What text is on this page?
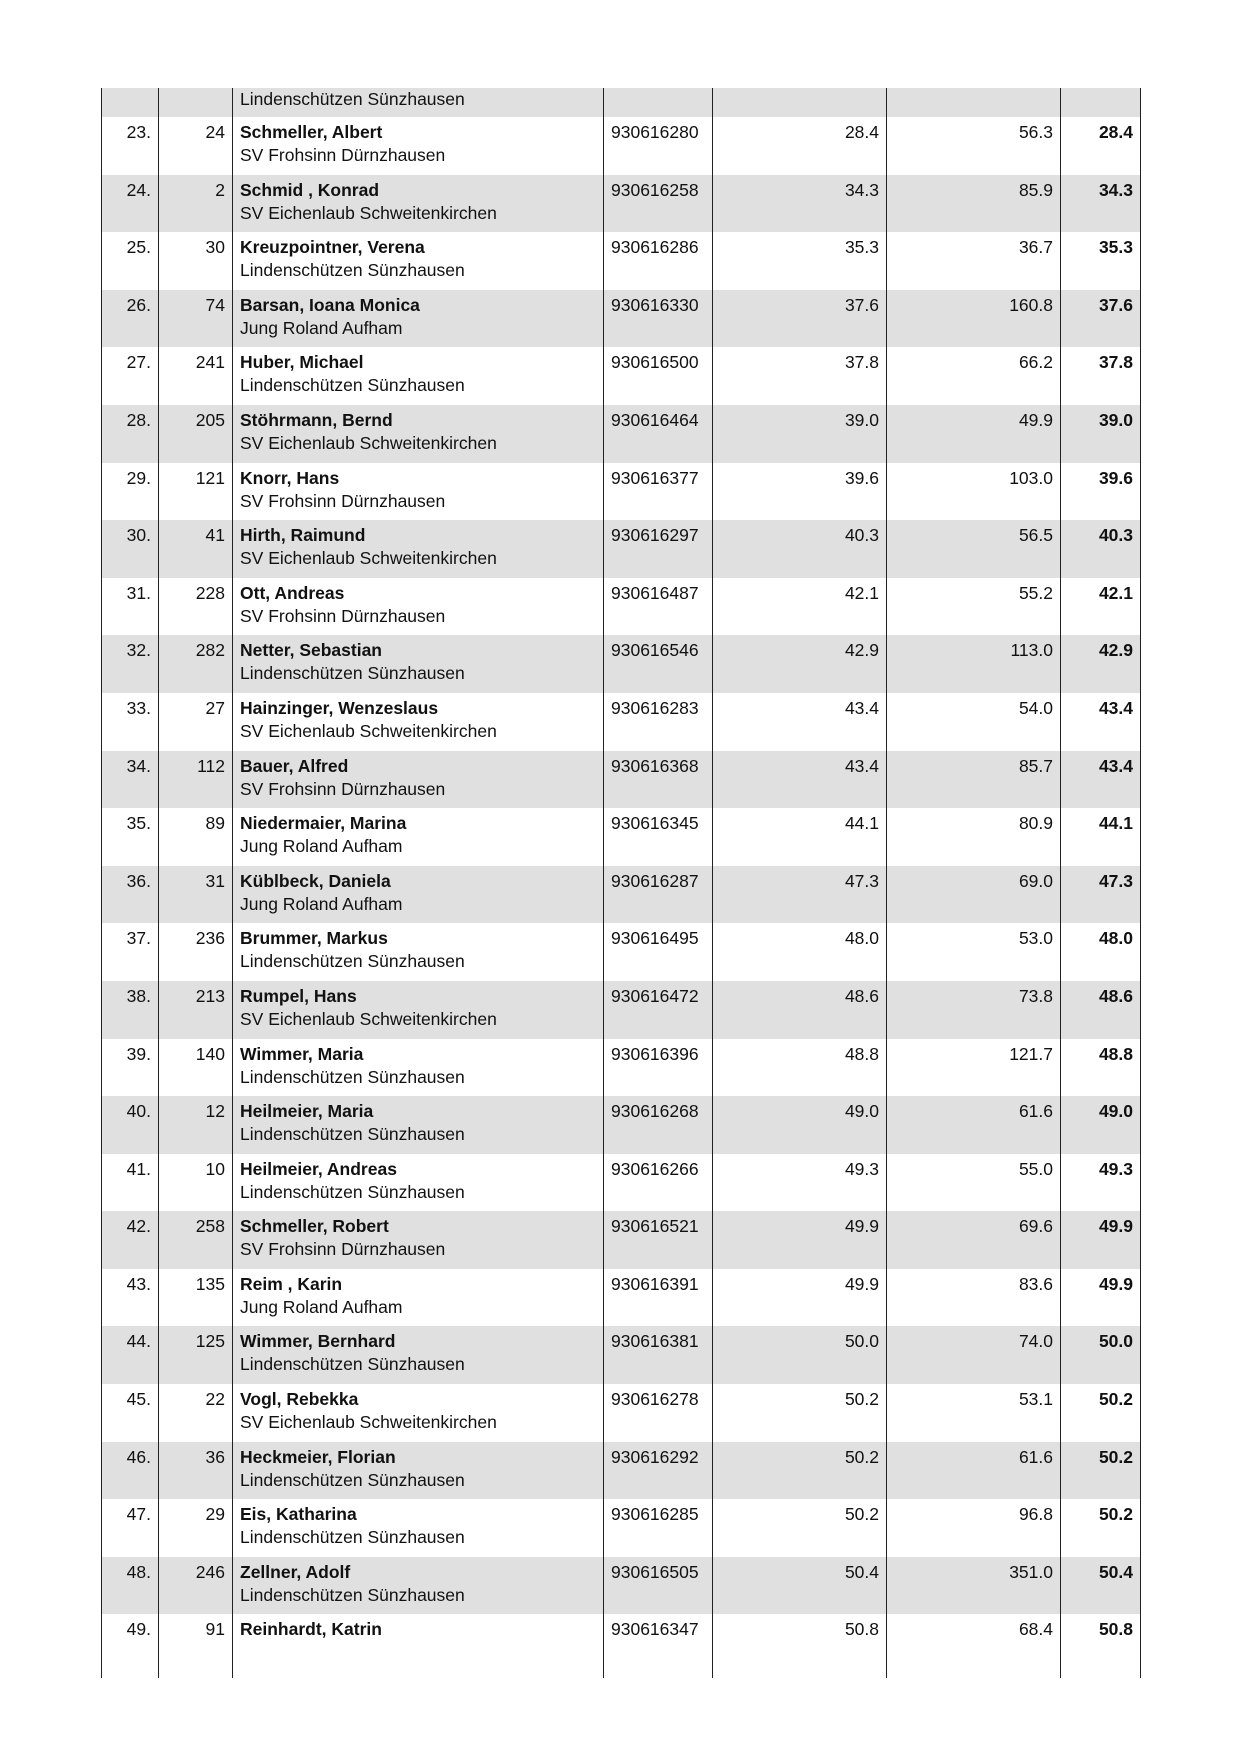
		Lindenschützen Sünzhausen				

23.	24	Schmeller, Albert
SV Frohsinn Dürnzhausen	930616280	28.4	56.3	28.4
24.	2	Schmid , Konrad
SV Eichenlaub Schweitenkirchen	930616258	34.3	85.9	34.3
25.	30	Kreuzpointner, Verena
Lindenschützen Sünzhausen	930616286	35.3	36.7	35.3
26.	74	Barsan, Ioana Monica
Jung Roland Aufham	930616330	37.6	160.8	37.6
27.	241	Huber, Michael
Lindenschützen Sünzhausen	930616500	37.8	66.2	37.8
28.	205	Stöhrmann, Bernd
SV Eichenlaub Schweitenkirchen	930616464	39.0	49.9	39.0
29.	121	Knorr, Hans
SV Frohsinn Dürnzhausen	930616377	39.6	103.0	39.6
30.	41	Hirth, Raimund
SV Eichenlaub Schweitenkirchen	930616297	40.3	56.5	40.3
31.	228	Ott, Andreas
SV Frohsinn Dürnzhausen	930616487	42.1	55.2	42.1
32.	282	Netter, Sebastian
Lindenschützen Sünzhausen	930616546	42.9	113.0	42.9
33.	27	Hainzinger, Wenzeslaus
SV Eichenlaub Schweitenkirchen	930616283	43.4	54.0	43.4
34.	112	Bauer, Alfred
SV Frohsinn Dürnzhausen	930616368	43.4	85.7	43.4
35.	89	Niedermaier, Marina
Jung Roland Aufham	930616345	44.1	80.9	44.1
36.	31	Küblbeck, Daniela
Jung Roland Aufham	930616287	47.3	69.0	47.3
37.	236	Brummer, Markus
Lindenschützen Sünzhausen	930616495	48.0	53.0	48.0
38.	213	Rumpel, Hans
SV Eichenlaub Schweitenkirchen	930616472	48.6	73.8	48.6
39.	140	Wimmer, Maria
Lindenschützen Sünzhausen	930616396	48.8	121.7	48.8
40.	12	Heilmeier, Maria
Lindenschützen Sünzhausen	930616268	49.0	61.6	49.0
41.	10	Heilmeier, Andreas
Lindenschützen Sünzhausen	930616266	49.3	55.0	49.3
42.	258	Schmeller, Robert
SV Frohsinn Dürnzhausen	930616521	49.9	69.6	49.9
43.	135	Reim , Karin
Jung Roland Aufham	930616391	49.9	83.6	49.9
44.	125	Wimmer, Bernhard
Lindenschützen Sünzhausen	930616381	50.0	74.0	50.0
45.	22	Vogl, Rebekka
SV Eichenlaub Schweitenkirchen	930616278	50.2	53.1	50.2
46.	36	Heckmeier, Florian
Lindenschützen Sünzhausen	930616292	50.2	61.6	50.2
47.	29	Eis, Katharina
Lindenschützen Sünzhausen	930616285	50.2	96.8	50.2
48.	246	Zellner, Adolf
Lindenschützen Sünzhausen	930616505	50.4	351.0	50.4
49.	91	Reinhardt, Katrin	930616347	50.8	68.4	50.8
